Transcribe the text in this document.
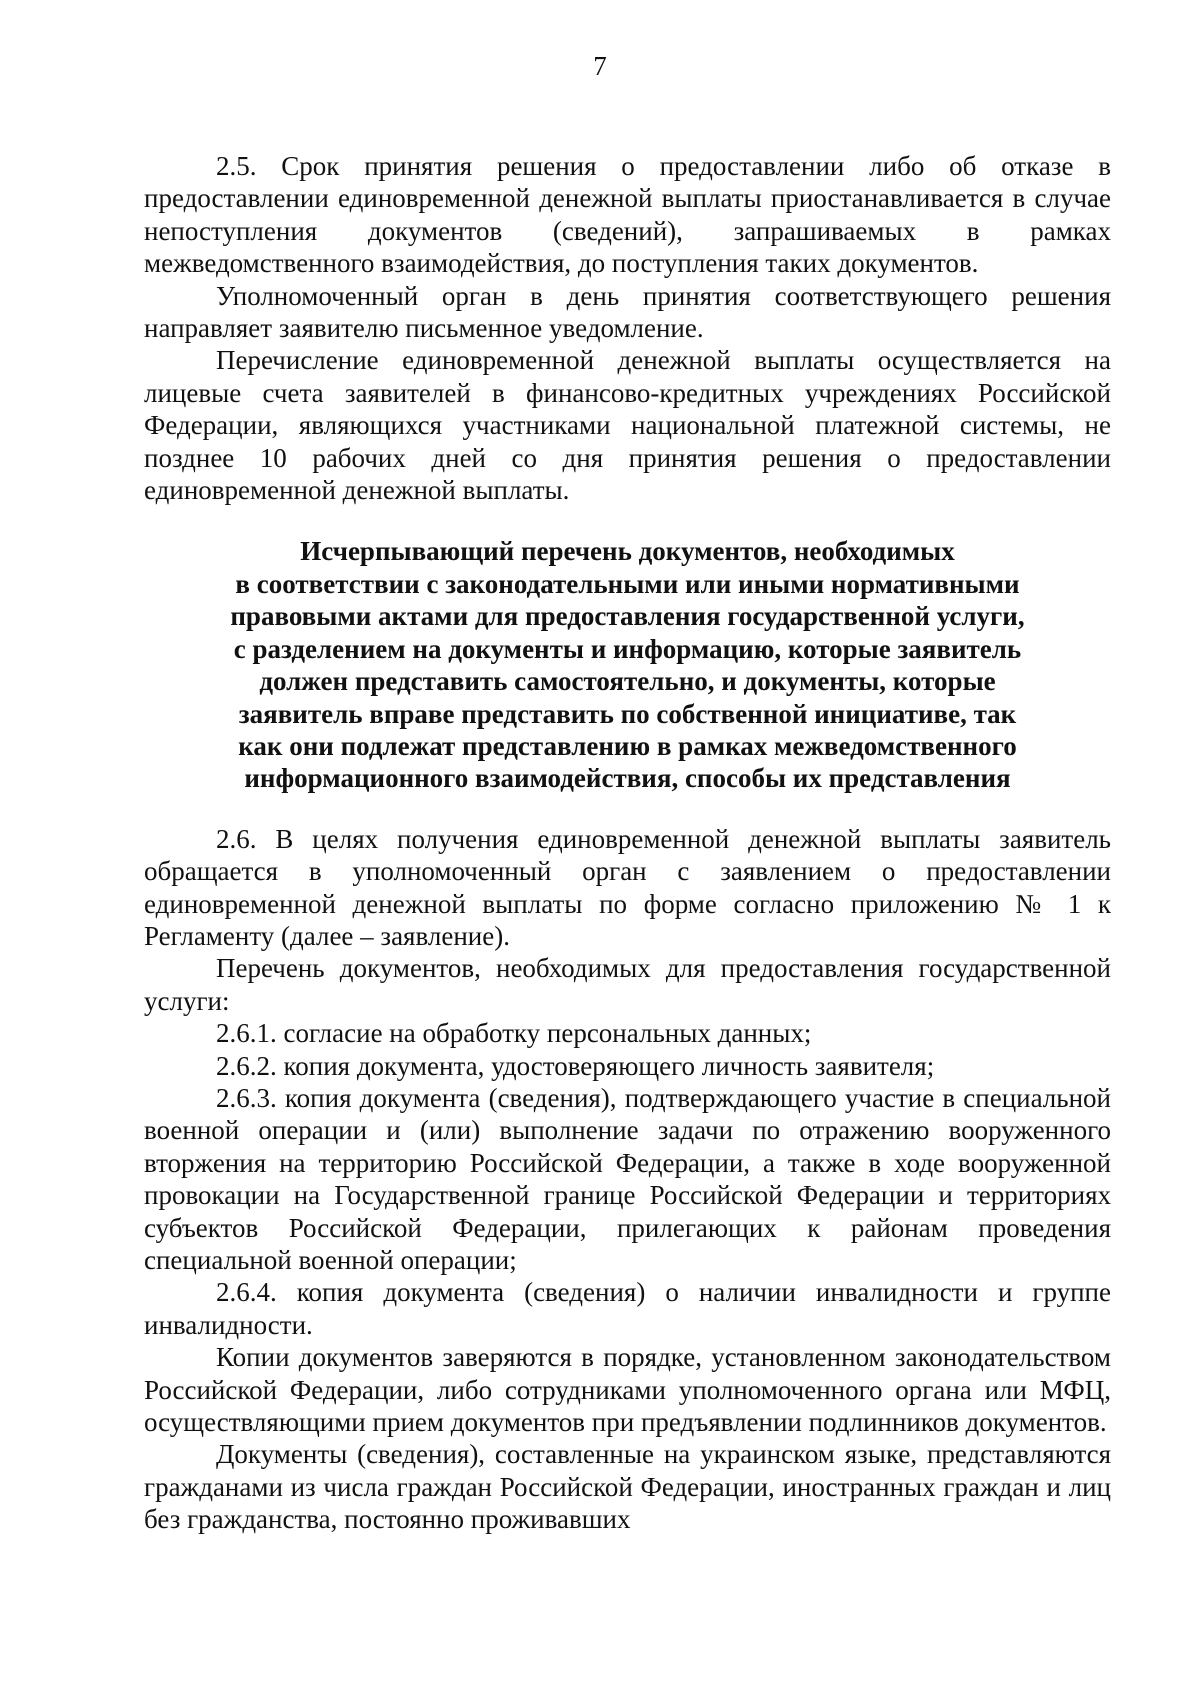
7

2.5. Срок принятия решения о предоставлении либо об отказе в предоставлении единовременной денежной выплаты приостанавливается в случае непоступления документов (сведений), запрашиваемых в рамках межведомственного взаимодействия, до поступления таких документов.

Уполномоченный орган в день принятия соответствующего решения направляет заявителю письменное уведомление.

Перечисление единовременной денежной выплаты осуществляется на лицевые счета заявителей в финансово-кредитных учреждениях Российской Федерации, являющихся участниками национальной платежной системы, не позднее 10 рабочих дней со дня принятия решения о предоставлении единовременной денежной выплаты.

Исчерпывающий перечень документов, необходимых
в соответствии с законодательными или иными нормативными
правовыми актами для предоставления государственной услуги,
с разделением на документы и информацию, которые заявитель
должен представить самостоятельно, и документы, которые
заявитель вправе представить по собственной инициативе, так
как они подлежат представлению в рамках межведомственного
информационного взаимодействия, способы их представления

2.6. В целях получения единовременной денежной выплаты заявитель обращается в уполномоченный орган с заявлением о предоставлении единовременной денежной выплаты по форме согласно приложению № 1 к Регламенту (далее – заявление).

Перечень документов, необходимых для предоставления государственной услуги:

2.6.1. согласие на обработку персональных данных;

2.6.2. копия документа, удостоверяющего личность заявителя;

2.6.3. копия документа (сведения), подтверждающего участие в специальной военной операции и (или) выполнение задачи по отражению вооруженного вторжения на территорию Российской Федерации, а также в ходе вооруженной провокации на Государственной границе Российской Федерации и территориях субъектов Российской Федерации, прилегающих к районам проведения специальной военной операции;

2.6.4. копия документа (сведения) о наличии инвалидности и группе инвалидности.

Копии документов заверяются в порядке, установленном законодательством Российской Федерации, либо сотрудниками уполномоченного органа или МФЦ, осуществляющими прием документов при предъявлении подлинников документов.

Документы (сведения), составленные на украинском языке, представляются гражданами из числа граждан Российской Федерации, иностранных граждан и лиц без гражданства, постоянно проживавших
